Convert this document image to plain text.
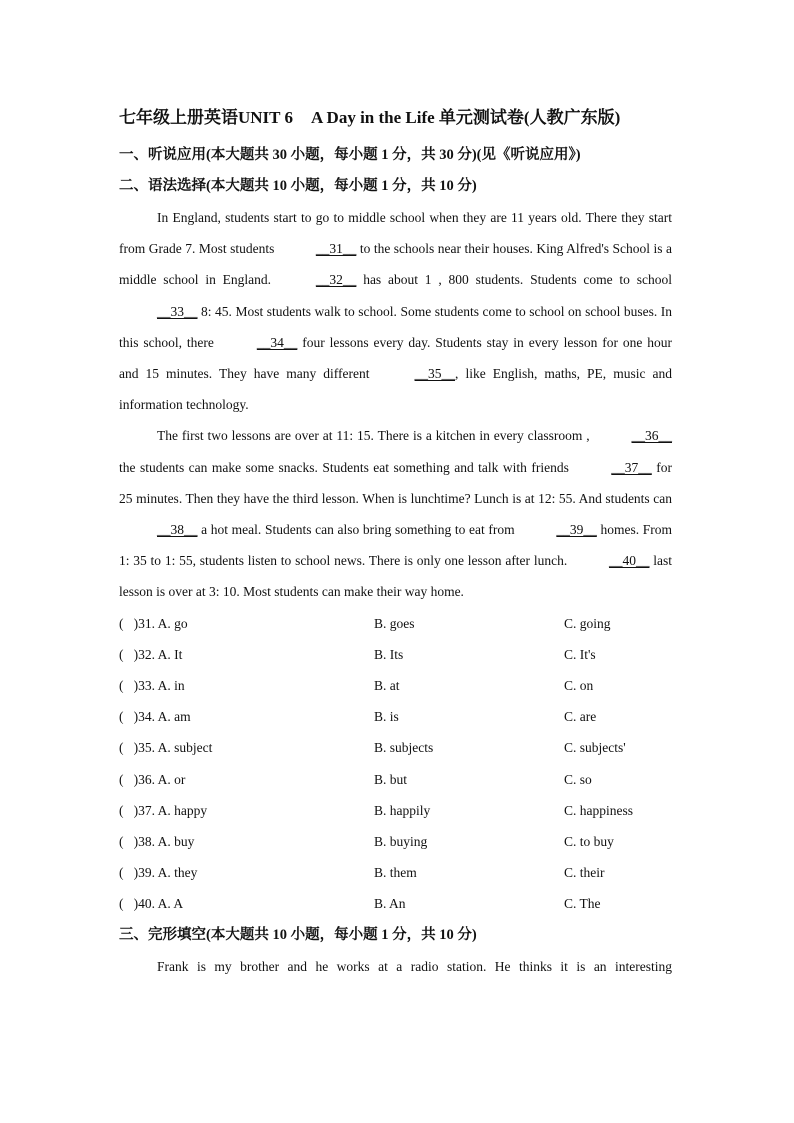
七年级上册英语UNIT 6 A Day in the Life 单元测试卷(人教广东版)
一、听说应用(本大题共 30 小题，每小题 1 分，共 30 分)(见《听说应用》)
二、语法选择(本大题共 10 小题，每小题 1 分，共 10 分)
In England, students start to go to middle school when they are 11 years old. There they start from Grade 7. Most students	__31__ to the schools near their houses. King Alfred's School is a middle school in England.	__32__ has about 1 , 800 students. Students come to school __33__ 8: 45. Most students walk to school. Some students come to school on school buses. In this school, there	__34__ four lessons every day. Students stay in every lesson for one hour and 15 minutes. They have many different	__35__, like English, maths, PE, music and information technology.
The first two lessons are over at 11: 15. There is a kitchen in every classroom ,	__36__ the students can make some snacks. Students eat something and talk with friends	__37__ for 25 minutes. Then they have the third lesson. When is lunchtime? Lunch is at 12: 55. And students can __38__ a hot meal. Students can also bring something to eat from	__39__ homes. From 1: 35 to 1: 55, students listen to school news. There is only one lesson after lunch.	__40__ last lesson is over at 3: 10. Most students can make their way home.
(   )31. A. go	B. goes	C. going
(   )32. A. It	B. Its	C. It's
(   )33. A. in	B. at	C. on
(   )34. A. am	B. is	C. are
(   )35. A. subject	B. subjects	C. subjects'
(   )36. A. or	B. but	C. so
(   )37. A. happy	B. happily	C. happiness
(   )38. A. buy	B. buying	C. to buy
(   )39. A. they	B. them	C. their
(   )40. A. A	B. An	C. The
三、完形填空(本大题共 10 小题，每小题 1 分，共 10 分)
Frank is my brother and he works at a radio station. He thinks it is an interesting
